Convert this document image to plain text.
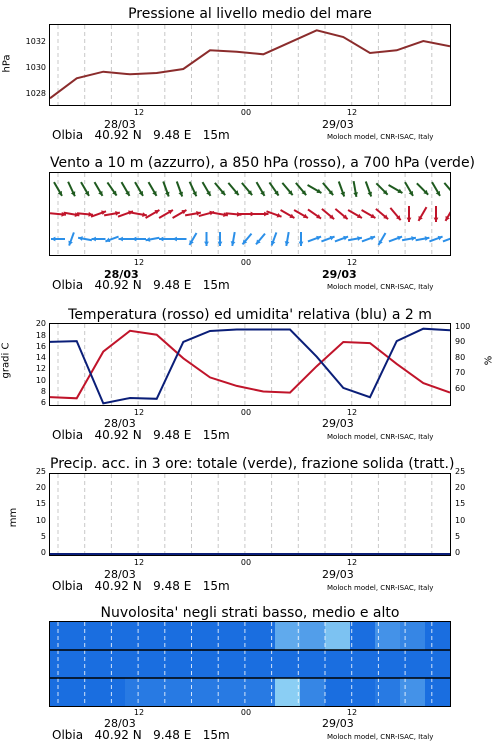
Pressione al livello medio del mare
hPa
1028
1030
1032
12	00	12
28/03	29/03
Olbia 40.92 N 9.48 E 15m	Moloch model, CNR-ISAC, Italy
Vento a 10 m (azzurro), a 850 hPa (rosso), a 700 hPa (verde)
12	00	12
28/03	29/03
Olbia 40.92 N 9.48 E 15m	Moloch model, CNR-ISAC, Italy
Temperatura (rosso) ed umidita' relativa (blu) a 2 m
gradi C	%
6
8
10
12
14
16
18
20
60
70
80
90
100
12	00	12
28/03	29/03
Olbia 40.92 N 9.48 E 15m	Moloch model, CNR-ISAC, Italy
Precip. acc. in 3 ore: totale (verde), frazione solida (tratt.)
mm
0	0
5	5
10	10
15	15
20	20
25	25
12	00	12
28/03	29/03
Olbia 40.92 N 9.48 E 15m	Moloch model, CNR-ISAC, Italy
Nuvolosita' negli strati basso, medio e alto
12	00	12
28/03	29/03
Olbia 40.92 N 9.48 E 15m	Moloch model, CNR-ISAC, Italy
